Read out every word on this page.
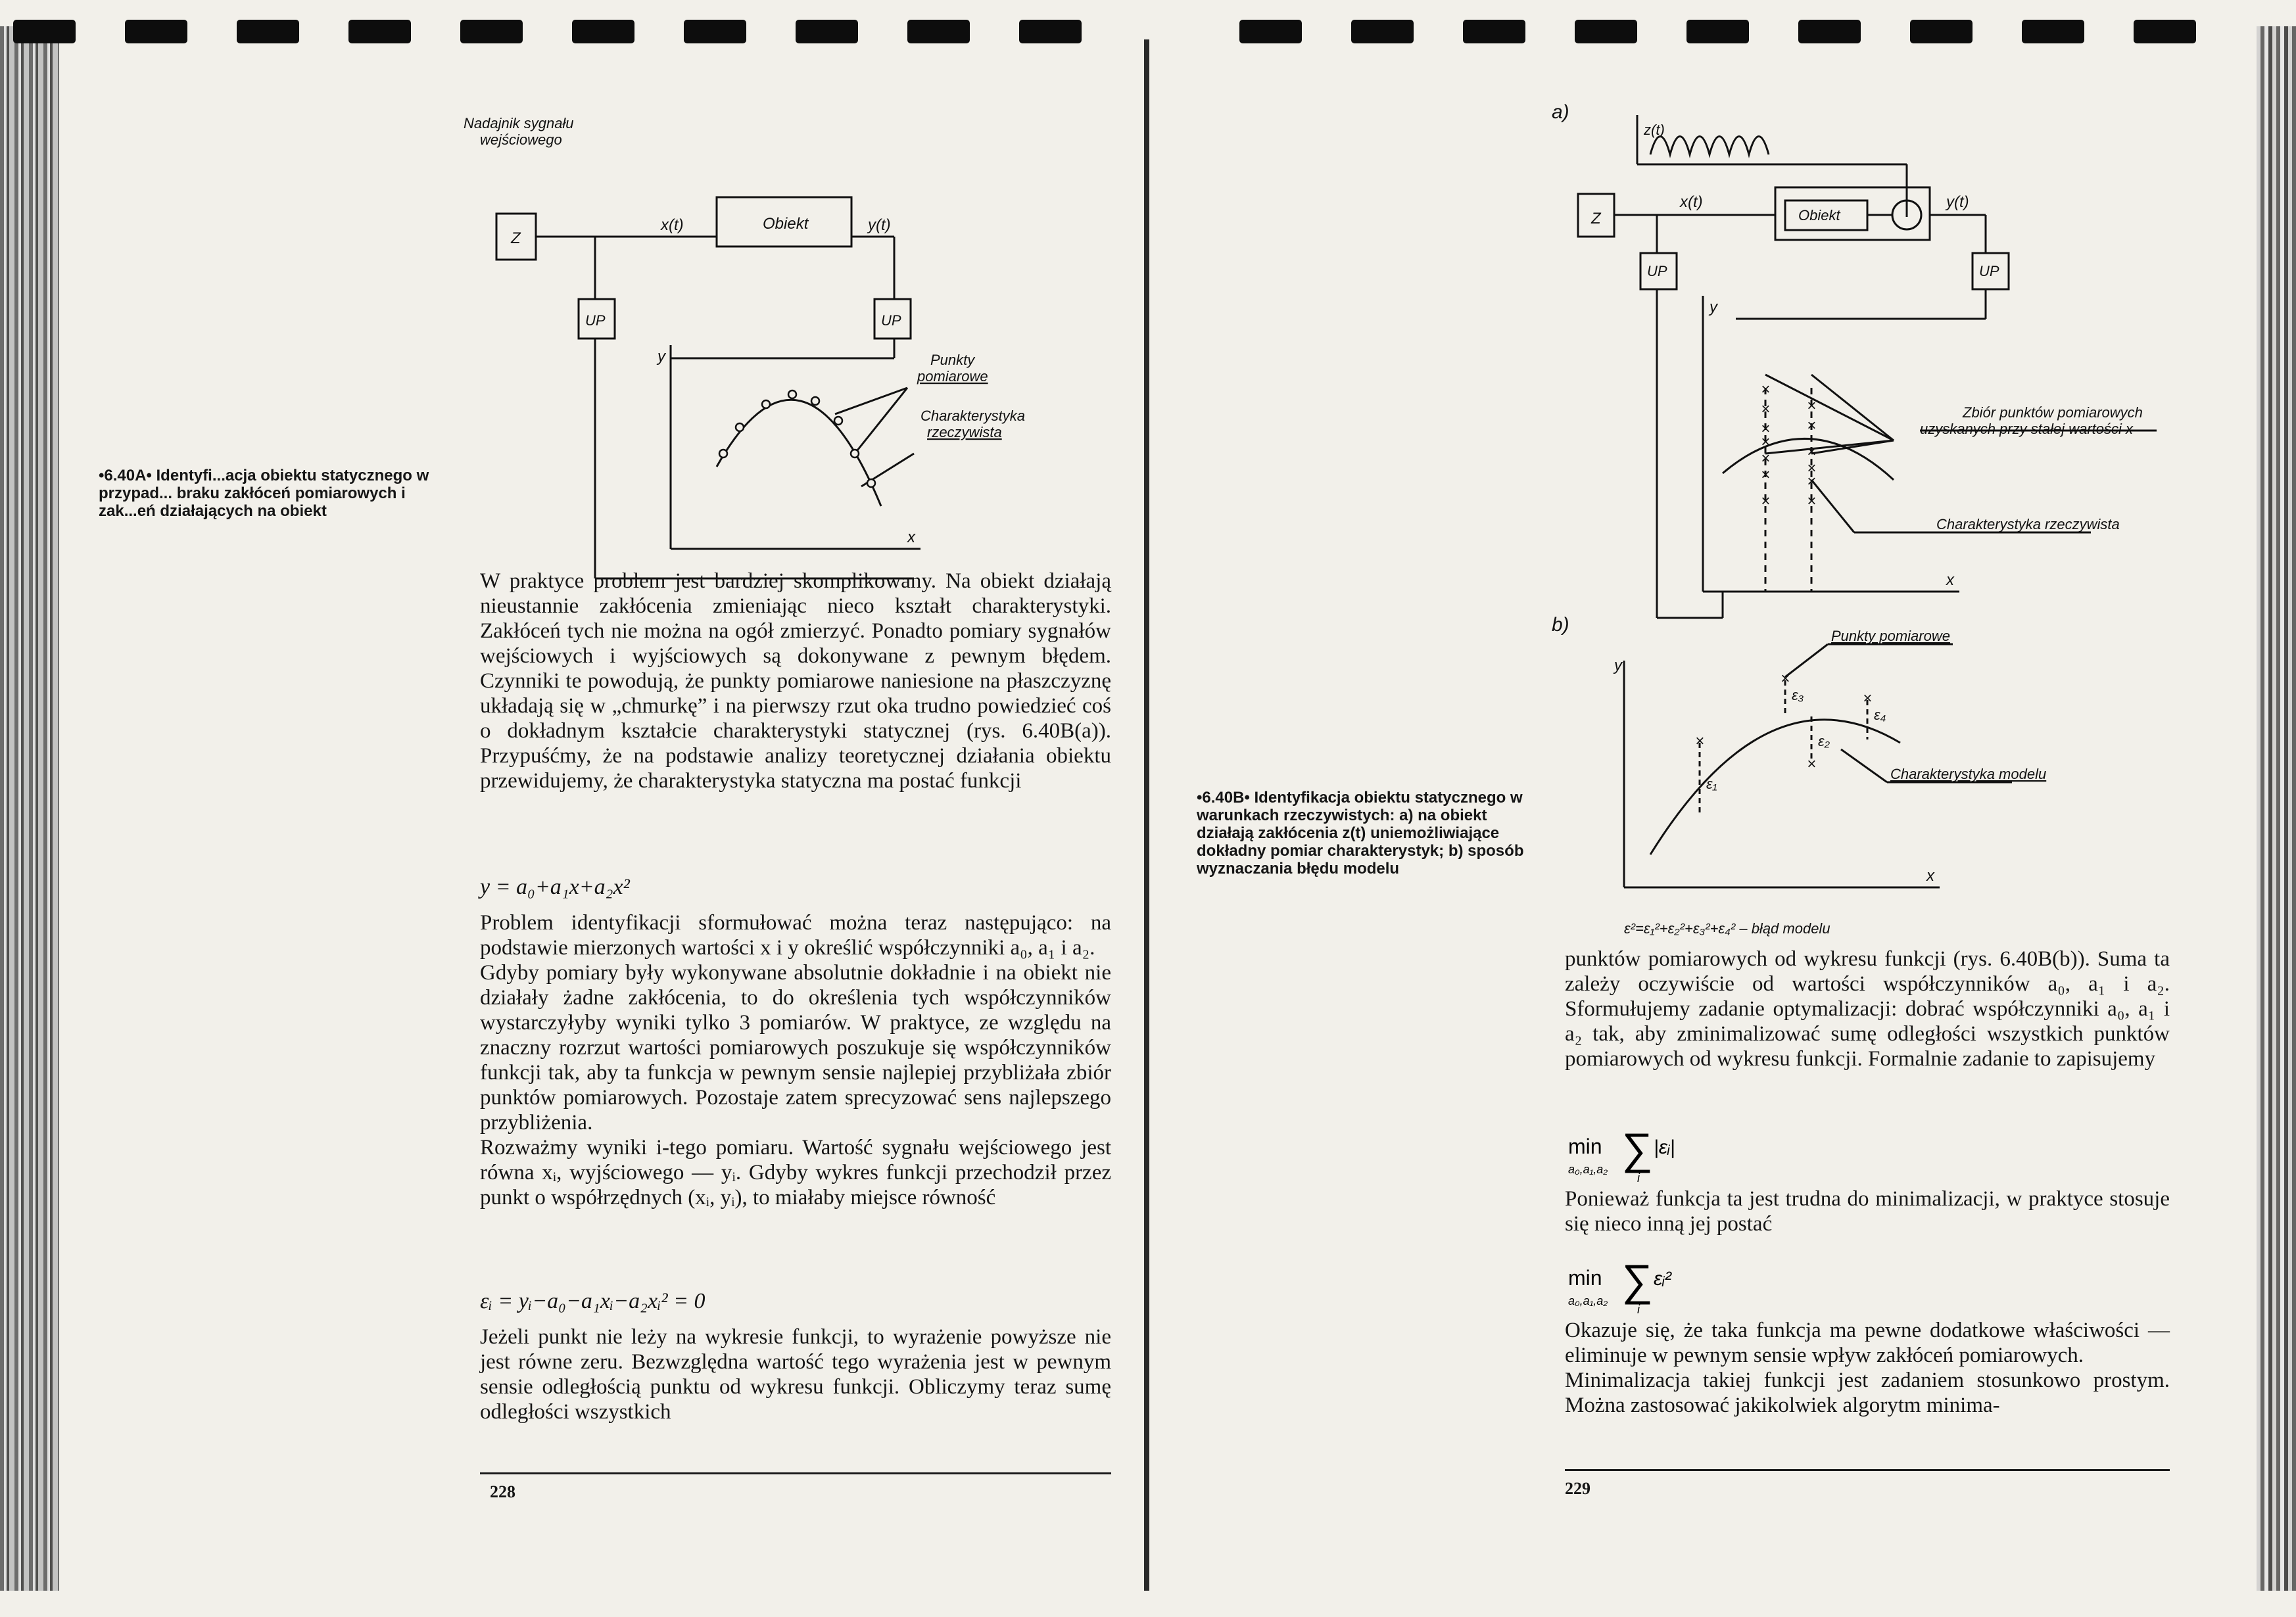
Nadajnik sygnału
wejściowego
Z
Obiekt
x(t)	y(t)
UP	UP
y
x
Punkty
pomiarowe
Charakterystyka
rzeczywista
•6.40A• Identyfi...acja obiektu statycznego w przypad... braku zakłóceń pomiarowych i zak...eń działających na obiekt

W praktyce problem jest bardziej skomplikowany. Na obiekt działają nieustannie zakłócenia zmieniając nieco kształt charakterystyki. Zakłóceń tych nie można na ogół zmierzyć. Ponadto pomiary sygnałów wejściowych i wyjściowych są dokonywane z pewnym błędem. Czynniki te powodują, że punkty pomiarowe naniesione na płaszczyznę układają się w „chmurkę” i na pierwszy rzut oka trudno powiedzieć coś o dokładnym kształcie charakterystyki statycznej (rys. 6.40B(a)). Przypuśćmy, że na podstawie analizy teoretycznej działania obiektu przewidujemy, że charakterystyka statyczna ma postać funkcji

y = a₀+a₁x+a₂x²

Problem identyfikacji sformułować można teraz następująco: na podstawie mierzonych wartości x i y określić współczynniki a₀, a₁ i a₂.

Gdyby pomiary były wykonywane absolutnie dokładnie i na obiekt nie działały żadne zakłócenia, to do określenia tych współczynników wystarczyłyby wyniki tylko 3 pomiarów. W praktyce, ze względu na znaczny rozrzut wartości pomiarowych poszukuje się współczynników funkcji tak, aby ta funkcja w pewnym sensie najlepiej przybliżała zbiór punktów pomiarowych. Pozostaje zatem sprecyzować sens najlepszego przybliżenia.

Rozważmy wyniki i-tego pomiaru. Wartość sygnału wejściowego jest równa xᵢ, wyjściowego — yᵢ. Gdyby wykres funkcji przechodził przez punkt o współrzędnych (xᵢ, yᵢ), to miałaby miejsce równość

εᵢ = yᵢ−a₀−a₁xᵢ−a₂xᵢ² = 0

Jeżeli punkt nie leży na wykresie funkcji, to wyrażenie powyższe nie jest równe zeru. Bezwzględna wartość tego wyrażenia jest w pewnym sensie odległością punktu od wykresu funkcji. Obliczymy teraz sumę odległości wszystkich

228
×
×
×
×
×
×
×
×
×
×
×
×
×
×
×
×
×
a)
z(t)
Z	Obiekt
x(t)	y(t)
UP	UP
y
x
Zbiór punktów pomiarowych
uzyskanych przy stałej wartości x
Charakterystyka rzeczywista
b)
Punkty pomiarowe
Charakterystyka modelu
y
x
ε₁
ε₂
ε₃
ε₄
ε²=ε₁²+ε₂²+ε₃²+ε₄² – błąd modelu
•6.40B• Identyfikacja obiektu statycznego w warunkach rzeczywistych: a) na obiekt działają zakłócenia z(t) uniemożliwiające dokładny pomiar charakterystyk; b) sposób wyznaczania błędu modelu

punktów pomiarowych od wykresu funkcji (rys. 6.40B(b)). Suma ta zależy oczywiście od wartości współczynników a₀, a₁ i a₂. Sformułujemy zadanie optymalizacji: dobrać współczynniki a₀, a₁ i a₂ tak, aby zminimalizować sumę odległości wszystkich punktów pomiarowych od wykresu funkcji. Formalnie zadanie to zapisujemy

min
a₀,a₁,a₂ ∑
i
|εᵢ|

Ponieważ funkcja ta jest trudna do minimalizacji, w praktyce stosuje się nieco inną jej postać

min
a₀,a₁,a₂ ∑
i
εᵢ²

Okazuje się, że taka funkcja ma pewne dodatkowe właściwości — eliminuje w pewnym sensie wpływ zakłóceń pomiarowych.

Minimalizacja takiej funkcji jest zadaniem stosunkowo prostym. Można zastosować jakikolwiek algorytm minima-

229
